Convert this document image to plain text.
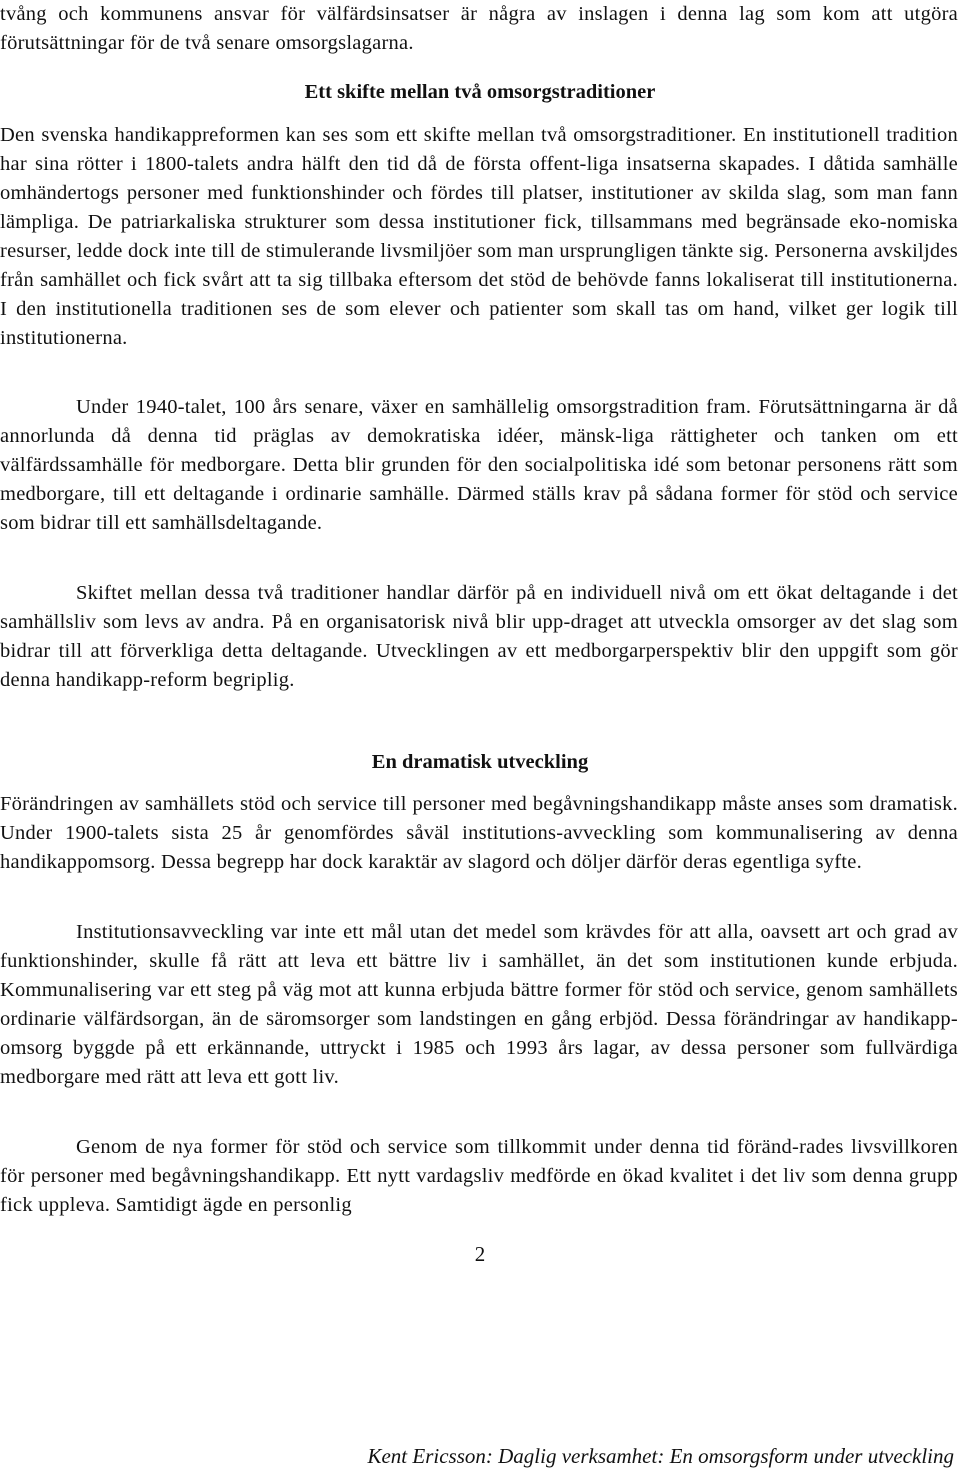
tvång och kommunens ansvar för välfärdsinsatser är några av inslagen i denna lag som kom att utgöra förutsättningar för de två senare omsorgslagarna.

Ett skifte mellan två omsorgstraditioner

Den svenska handikappreformen kan ses som ett skifte mellan två omsorgstraditioner. En institutionell tradition har sina rötter i 1800-talets andra hälft den tid då de första offent-liga insatserna skapades. I dåtida samhälle omhändertogs personer med funktionshinder och fördes till platser, institutioner av skilda slag, som man fann lämpliga. De patriarkaliska strukturer som dessa institutioner fick, tillsammans med begränsade eko-nomiska resurser, ledde dock inte till de stimulerande livsmiljöer som man ursprungligen tänkte sig. Personerna avskiljdes från samhället och fick svårt att ta sig tillbaka eftersom det stöd de behövde fanns lokaliserat till institutionerna. I den institutionella traditionen ses de som elever och patienter som skall tas om hand, vilket ger logik till institutionerna.

Under 1940-talet, 100 års senare, växer en samhällelig omsorgstradition fram. Förutsättningarna är då annorlunda då denna tid präglas av demokratiska idéer, mänsk-liga rättigheter och tanken om ett välfärdssamhälle för medborgare. Detta blir grunden för den socialpolitiska idé som betonar personens rätt som medborgare, till ett deltagande i ordinarie samhälle. Därmed ställs krav på sådana former för stöd och service som bidrar till ett samhällsdeltagande.

Skiftet mellan dessa två traditioner handlar därför på en individuell nivå om ett ökat deltagande i det samhällsliv som levs av andra. På en organisatorisk nivå blir upp-draget att utveckla omsorger av det slag som bidrar till att förverkliga detta deltagande. Utvecklingen av ett medborgarperspektiv blir den uppgift som gör denna handikapp-reform begriplig.

En dramatisk utveckling

Förändringen av samhällets stöd och service till personer med begåvningshandikapp måste anses som dramatisk. Under 1900-talets sista 25 år genomfördes såväl institutions-avveckling som kommunalisering av denna handikappomsorg. Dessa begrepp har dock karaktär av slagord och döljer därför deras egentliga syfte.

Institutionsavveckling var inte ett mål utan det medel som krävdes för att alla, oavsett art och grad av funktionshinder, skulle få rätt att leva ett bättre liv i samhället, än det som institutionen kunde erbjuda. Kommunalisering var ett steg på väg mot att kunna erbjuda bättre former för stöd och service, genom samhällets ordinarie välfärdsorgan, än de säromsorger som landstingen en gång erbjöd. Dessa förändringar av handikapp-omsorg byggde på ett erkännande, uttryckt i 1985 och 1993 års lagar, av dessa personer som fullvärdiga medborgare med rätt att leva ett gott liv.

Genom de nya former för stöd och service som tillkommit under denna tid föränd-rades livsvillkoren för personer med begåvningshandikapp. Ett nytt vardagsliv medförde en ökad kvalitet i det liv som denna grupp fick uppleva. Samtidigt ägde en personlig

2
Kent Ericsson: Daglig verksamhet: En omsorgsform under utveckling
